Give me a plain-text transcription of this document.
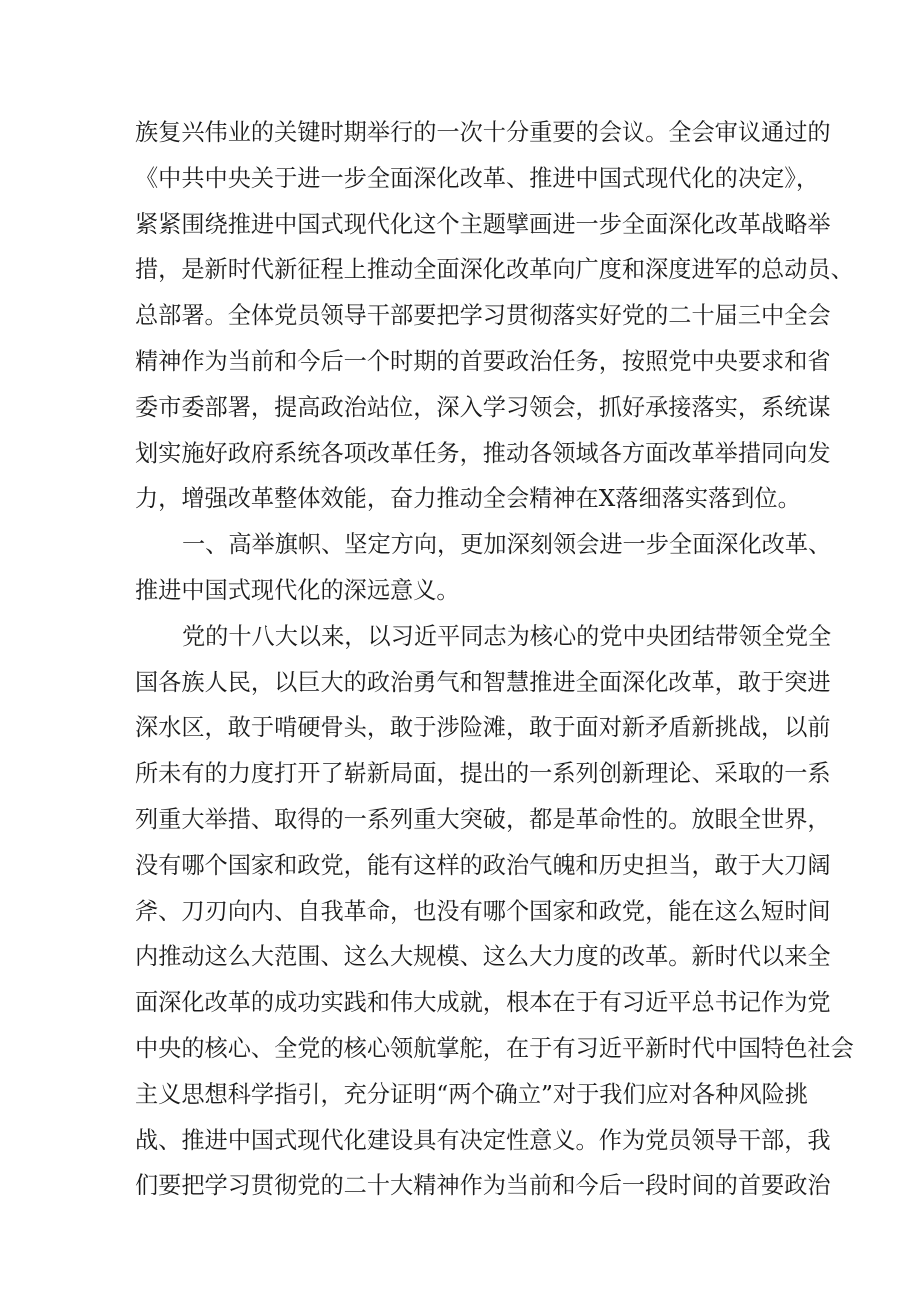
族复兴伟业的关键时期举行的一次十分重要的会议。全会审议通过的
《中共中央关于进一步全面深化改革、推进中国式现代化的决定》，
紧紧围绕推进中国式现代化这个主题擘画进一步全面深化改革战略举
措，是新时代新征程上推动全面深化改革向广度和深度进军的总动员、
总部署。全体党员领导干部要把学习贯彻落实好党的二十届三中全会
精神作为当前和今后一个时期的首要政治任务，按照党中央要求和省
委市委部署，提高政治站位，深入学习领会，抓好承接落实，系统谋
划实施好政府系统各项改革任务，推动各领域各方面改革举措同向发
力，增强改革整体效能，奋力推动全会精神在X落细落实落到位。
一、高举旗帜、坚定方向，更加深刻领会进一步全面深化改革、
推进中国式现代化的深远意义。
党的十八大以来，以习近平同志为核心的党中央团结带领全党全
国各族人民，以巨大的政治勇气和智慧推进全面深化改革，敢于突进
深水区，敢于啃硬骨头，敢于涉险滩，敢于面对新矛盾新挑战，以前
所未有的力度打开了崭新局面，提出的一系列创新理论、采取的一系
列重大举措、取得的一系列重大突破，都是革命性的。放眼全世界，
没有哪个国家和政党，能有这样的政治气魄和历史担当，敢于大刀阔
斧、刀刃向内、自我革命，也没有哪个国家和政党，能在这么短时间
内推动这么大范围、这么大规模、这么大力度的改革。新时代以来全
面深化改革的成功实践和伟大成就，根本在于有习近平总书记作为党
中央的核心、全党的核心领航掌舵，在于有习近平新时代中国特色社会
主义思想科学指引，充分证明“两个确立”对于我们应对各种风险挑
战、推进中国式现代化建设具有决定性意义。作为党员领导干部，我
们要把学习贯彻党的二十大精神作为当前和今后一段时间的首要政治
